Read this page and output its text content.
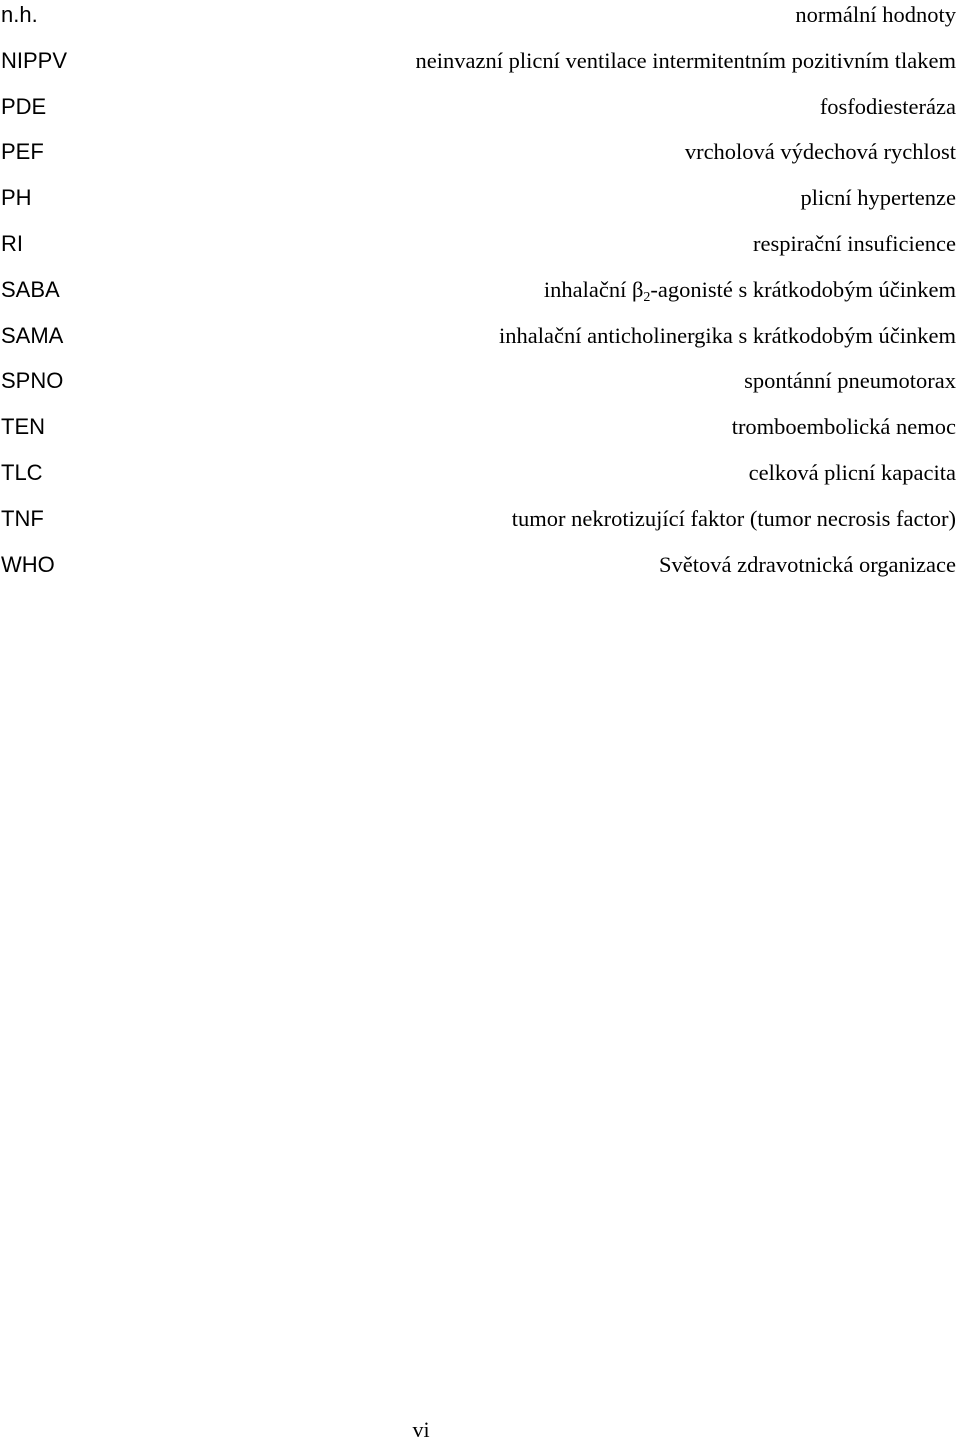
n.h.	normální hodnoty
NIPPV	neinvazní plicní ventilace intermitentním pozitivním tlakem
PDE	fosfodiesteráza
PEF	vrcholová výdechová rychlost
PH	plicní hypertenze
RI	respirační insuficience
SABA	inhalační $\beta_2$-agonisté s krátkodobým účinkem
SAMA	inhalační anticholinergika s krátkodobým účinkem
SPNO	spontánní pneumotorax
TEN	tromboembolická nemoc
TLC	celková plicní kapacita
TNF	tumor nekrotizující faktor (tumor necrosis factor)
WHO	Světová zdravotnická organizace
vi
